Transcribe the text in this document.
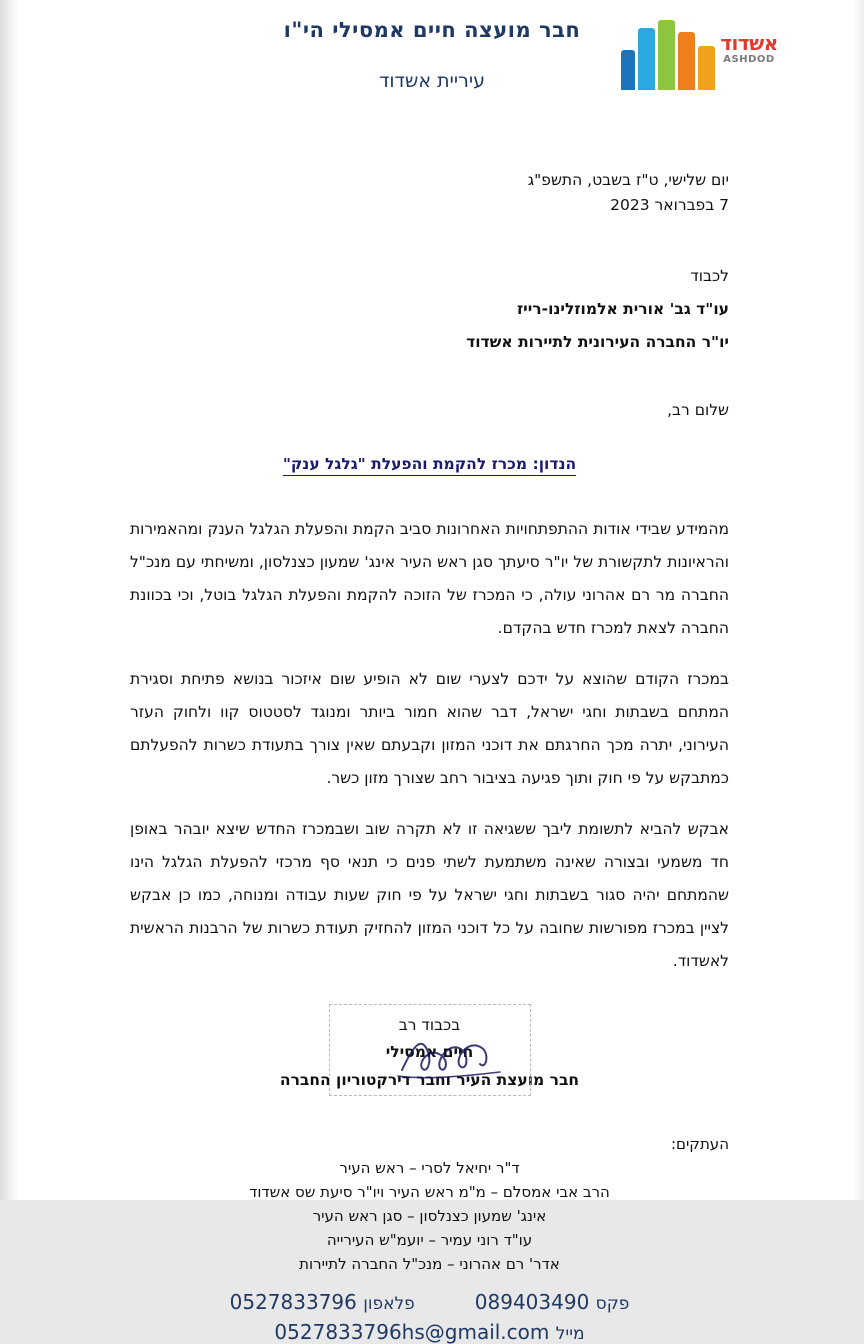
אשדוד
ASHDOD
חבר מועצה חיים אמסילי הי"ו
עיריית אשדוד
יום שלישי, ט"ז בשבט, התשפ"ג
7 בפברואר 2023
לכבוד
עו"ד גב' אורית אלמוזלינו-רייז
יו"ר החברה העירונית לתיירות אשדוד
שלום רב,
הנדון: מכרז להקמת והפעלת "גלגל ענק"

מהמידע שבידי אודות ההתפתחויות האחרונות סביב הקמת והפעלת הגלגל הענק ומהאמירות והראיונות לתקשורת של יו"ר סיעתך סגן ראש העיר אינג' שמעון כצנלסון, ומשיחתי עם מנכ"ל החברה מר רם אהרוני עולה, כי המכרז של הזוכה להקמת והפעלת הגלגל בוטל, וכי בכוונת החברה לצאת למכרז חדש בהקדם.

במכרז הקודם שהוצא על ידכם לצערי שום לא הופיע שום איזכור בנושא פתיחת וסגירת המתחם בשבתות וחגי ישראל, דבר שהוא חמור ביותר ומנוגד לסטטוס קוו ולחוק העזר העירוני, יתרה מכך החרגתם את דוכני המזון וקבעתם שאין צורך בתעודת כשרות להפעלתם כמתבקש על פי חוק ותוך פגיעה בציבור רחב שצורך מזון כשר.

אבקש להביא לתשומת ליבך ששגיאה זו לא תקרה שוב ושבמכרז החדש שיצא יובהר באופן חד משמעי ובצורה שאינה משתמעת לשתי פנים כי תנאי סף מרכזי להפעלת הגלגל הינו שהמתחם יהיה סגור בשבתות וחגי ישראל על פי חוק שעות עבודה ומנוחה, כמו כן אבקש לציין במכרז מפורשות שחובה על כל דוכני המזון להחזיק תעודת כשרות של הרבנות הראשית לאשדוד.

בכבוד רב
חיים אמסילי
חבר מועצת העיר וחבר דירקטוריון החברה
העתקים:
ד"ר יחיאל לסרי – ראש העיר
הרב אבי אמסלם – מ"מ ראש העיר ויו"ר סיעת שס אשדוד
אינג' שמעון כצנלסון – סגן ראש העיר
עו"ד רוני עמיר – יועמ"ש העירייה
אדר' רם אהרוני – מנכ"ל החברה לתיירות
פקס 089403490
פלאפון 0527833796
מייל 0527833796hs@gmail.com
